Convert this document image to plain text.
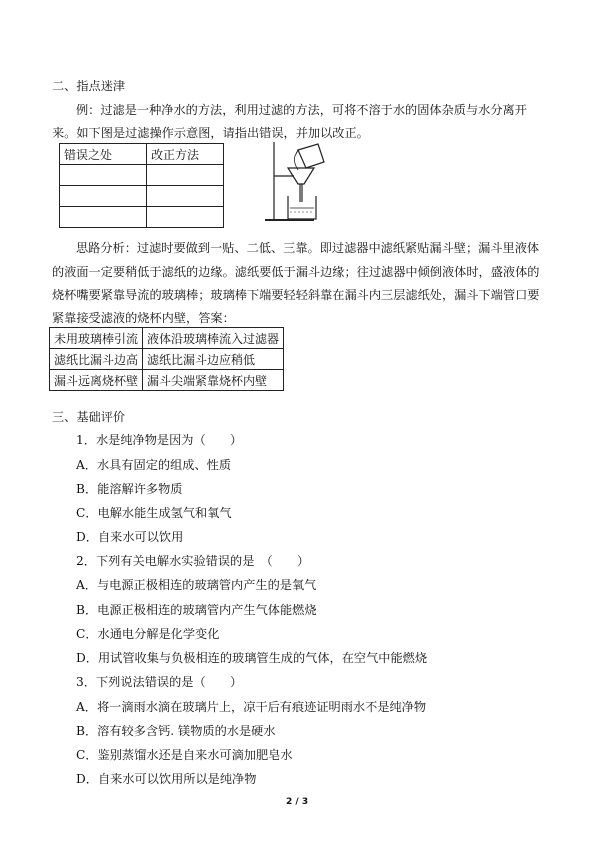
二、指点迷津
例：过滤是一种净水的方法，利用过滤的方法，可将不溶于水的固体杂质与水分离开
来。如下图是过滤操作示意图，请指出错误，并加以改正。
错误之处	改正方法

思路分析：过滤时要做到一贴、二低、三靠。即过滤器中滤纸紧贴漏斗壁；漏斗里液体
的液面一定要稍低于滤纸的边缘。滤纸要低于漏斗边缘；往过滤器中倾倒液体时，盛液体的
烧杯嘴要紧靠导流的玻璃棒；玻璃棒下端要轻轻斜靠在漏斗内三层滤纸处，漏斗下端管口要
紧靠接受滤液的烧杯内壁，答案：
未用玻璃棒引流	液体沿玻璃棒流入过滤器
滤纸比漏斗边高	滤纸比漏斗边应稍低
漏斗远离烧杯壁	漏斗尖端紧靠烧杯内壁
三、基础评价
1．水是纯净物是因为（　　）
A．水具有固定的组成、性质
B．能溶解许多物质
C．电解水能生成氢气和氧气
D．自来水可以饮用
2．下列有关电解水实验错误的是　（　　）
A．与电源正极相连的玻璃管内产生的是氧气
B．电源正极相连的玻璃管内产生气体能燃烧
C．水通电分解是化学变化
D．用试管收集与负极相连的玻璃管生成的气体，在空气中能燃烧
3．下列说法错误的是（　　）
A．将一滴雨水滴在玻璃片上，凉干后有痕迹证明雨水不是纯净物
B．溶有较多含钙. 镁物质的水是硬水
C．鉴别蒸馏水还是自来水可滴加肥皂水
D．自来水可以饮用所以是纯净物
2 / 3
